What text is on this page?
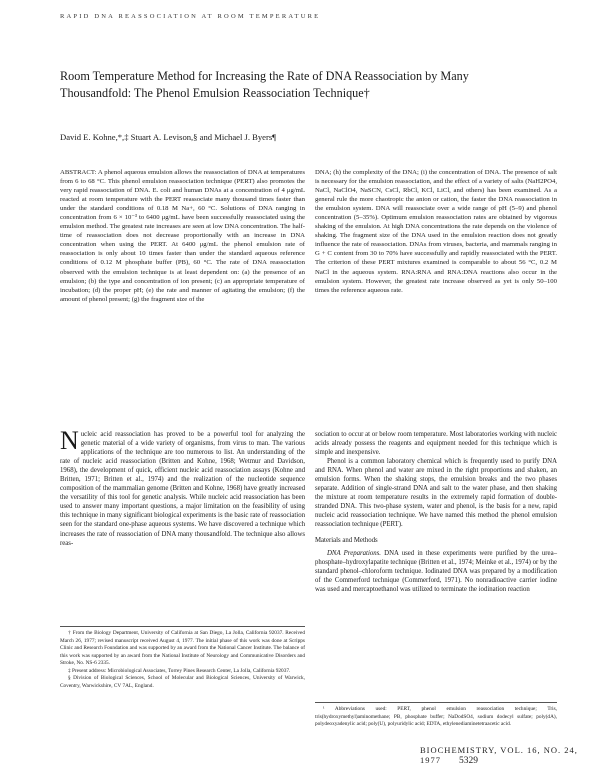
RAPID DNA REASSOCIATION AT ROOM TEMPERATURE
Room Temperature Method for Increasing the Rate of DNA Reassociation by Many Thousandfold: The Phenol Emulsion Reassociation Technique†
David E. Kohne,*,‡ Stuart A. Levison,§ and Michael J. Byers¶

ABSTRACT: A phenol aqueous emulsion allows the reassociation of DNA at temperatures from 6 to 68 °C. This phenol emulsion reassociation technique (PERT) also promotes the very rapid reassociation of DNA. E. coli and human DNAs at a concentration of 4 μg/mL reacted at room temperature with the PERT reassociate many thousand times faster than under the standard conditions of 0.18 M Na+, 60 °C. Solutions of DNA ranging in concentration from 6 × 10⁻³ to 6400 μg/mL have been successfully reassociated using the emulsion method. The greatest rate increases are seen at low DNA concentration. The half-time of reassociation does not decrease proportionally with an increase in DNA concentration when using the PERT. At 6400 μg/mL the phenol emulsion rate of reassociation is only about 10 times faster than under the standard aqueous reference conditions of 0.12 M phosphate buffer (PB), 60 °C. The rate of DNA reassociation observed with the emulsion technique is at least dependent on: (a) the presence of an emulsion; (b) the type and concentration of ion present; (c) an appropriate temperature of incubation; (d) the proper pH; (e) the rate and manner of agitating the emulsion; (f) the amount of phenol present; (g) the fragment size of the

DNA; (h) the complexity of the DNA; (i) the concentration of DNA. The presence of salt is necessary for the emulsion reassociation, and the effect of a variety of salts (NaH2PO4, NaCl, NaClO4, NaSCN, CsCl, RbCl, KCl, LiCl, and others) has been examined. As a general rule the more chaotropic the anion or cation, the faster the DNA reassociation in the emulsion system. DNA will reassociate over a wide range of pH (5–9) and phenol concentration (5–35%). Optimum emulsion reassociation rates are obtained by vigorous shaking of the emulsion. At high DNA concentrations the rate depends on the violence of shaking. The fragment size of the DNA used in the emulsion reaction does not greatly influence the rate of reassociation. DNAs from viruses, bacteria, and mammals ranging in G + C content from 30 to 70% have successfully and rapidly reassociated with the PERT. The criterion of these PERT mixtures examined is comparable to about 56 °C, 0.2 M NaCl in the aqueous system. RNA:RNA and RNA:DNA reactions also occur in the emulsion system. However, the greatest rate increase observed as yet is only 50–100 times the reference aqueous rate.

Nucleic acid reassociation has proved to be a powerful tool for analyzing the genetic material of a wide variety of organisms, from virus to man. The various applications of the technique are too numerous to list. An understanding of the rate of nucleic acid reassociation (Britten and Kohne, 1968; Wetmur and Davidson, 1968), the development of quick, efficient nucleic acid reassociation assays (Kohne and Britten, 1971; Britten et al., 1974) and the realization of the nucleotide sequence composition of the mammalian genome (Britten and Kohne, 1968) have greatly increased the versatility of this tool for genetic analysis. While nucleic acid reassociation has been used to answer many important questions, a major limitation on the feasibility of using this technique in many significant biological experiments is the basic rate of reassociation seen for the standard one-phase aqueous systems. We have discovered a technique which increases the rate of reassociation of DNA many thousandfold. The technique also allows reas-

sociation to occur at or below room temperature. Most laboratories working with nucleic acids already possess the reagents and equipment needed for this technique which is simple and inexpensive.

Phenol is a common laboratory chemical which is frequently used to purify DNA and RNA. When phenol and water are mixed in the right proportions and shaken, an emulsion forms. When the shaking stops, the emulsion breaks and the two phases separate. Addition of single-strand DNA and salt to the water phase, and then shaking the mixture at room temperature results in the extremely rapid formation of double-stranded DNA. This two-phase system, water and phenol, is the basis for a new, rapid nucleic acid reassociation technique. We have named this method the phenol emulsion reassociation technique (PERT).

Materials and Methods

DNA Preparations. DNA used in these experiments were purified by the urea–phosphate–hydroxylapatite technique (Britten et al., 1974; Meinke et al., 1974) or by the standard phenol–chloroform technique. Iodinated DNA was prepared by a modification of the Commerford technique (Commerford, 1971). No nonradioactive carrier iodine was used and mercaptoethanol was utilized to terminate the iodination reaction

† From the Biology Department, University of California at San Diego, La Jolla, California 92037. Received March 26, 1977; revised manuscript received August 4, 1977. The initial phase of this work was done at Scripps Clinic and Research Foundation and was supported by an award from the National Cancer Institute. The balance of this work was supported by an award from the National Institute of Neurology and Communicative Disorders and Stroke, No. NS-6 2335.

‡ Present address: Microbiological Associates, Torrey Pines Research Center, La Jolla, California 92037.

§ Division of Biological Sciences, School of Molecular and Biological Sciences, University of Warwick, Coventry, Warwickshire, CV 7AL, England.

¹ Abbreviations used: PERT, phenol emulsion reassociation technique; Tris, tris(hydroxymethyl)aminomethane; PB, phosphate buffer; NaDodSO4, sodium dodecyl sulfate; poly(dA), polydeoxyadenylic acid; poly(U), polyuridylic acid; EDTA, ethylenediaminetetraacetic acid.

BIOCHEMISTRY, VOL. 16, NO. 24, 1977 5329
